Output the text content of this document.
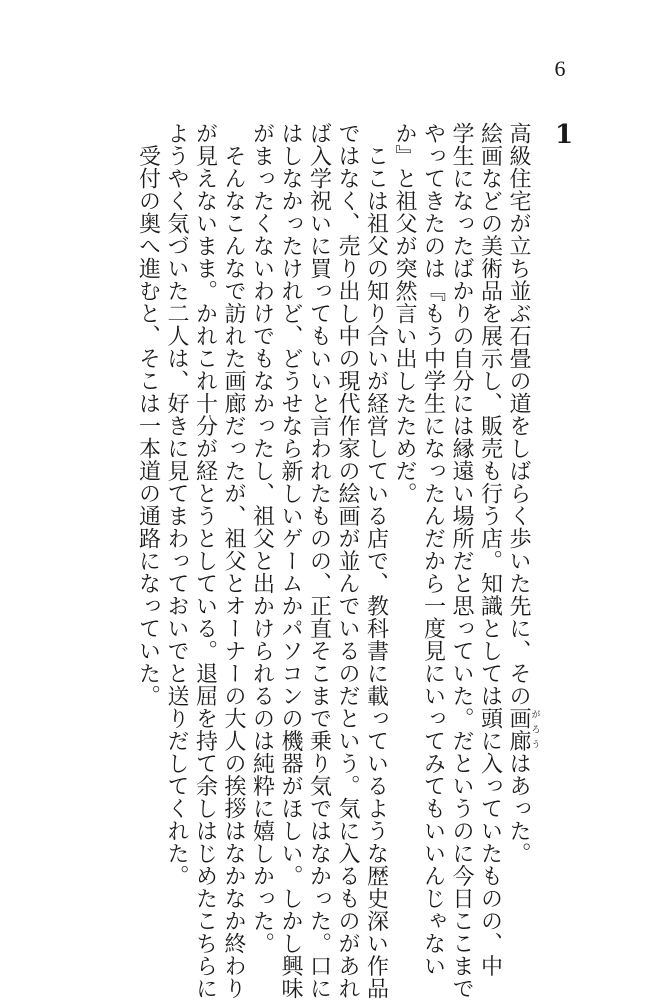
6
1
高級住宅が立ち並ぶ石畳の道をしばらく歩いた先に、その画廊がろうはあった。
絵画などの美術品を展示し、販売も行う店。知識としては頭に入っていたものの、中
学生になったばかりの自分には縁遠い場所だと思っていた。だというのに今日ここまで
やってきたのは『もう中学生になったんだから一度見にいってみてもいいんじゃない
か』と祖父が突然言い出したためだ。
　ここは祖父の知り合いが経営している店で、教科書に載っているような歴史深い作品
ではなく、売り出し中の現代作家の絵画が並んでいるのだという。気に入るものがあれ
ば入学祝いに買ってもいいと言われたものの、正直そこまで乗り気ではなかった。口に
はしなかったけれど、どうせなら新しいゲームかパソコンの機器がほしい。しかし興味
がまったくないわけでもなかったし、祖父と出かけられるのは純粋に嬉しかった。
　そんなこんなで訪れた画廊だったが、祖父とオーナーの大人の挨拶はなかなか終わり
が見えないまま。かれこれ十分が経とうとしている。退屈を持て余しはじめたこちらに
ようやく気づいた二人は、好きに見てまわっておいでと送りだしてくれた。
　受付の奥へ進むと、そこは一本道の通路になっていた。
